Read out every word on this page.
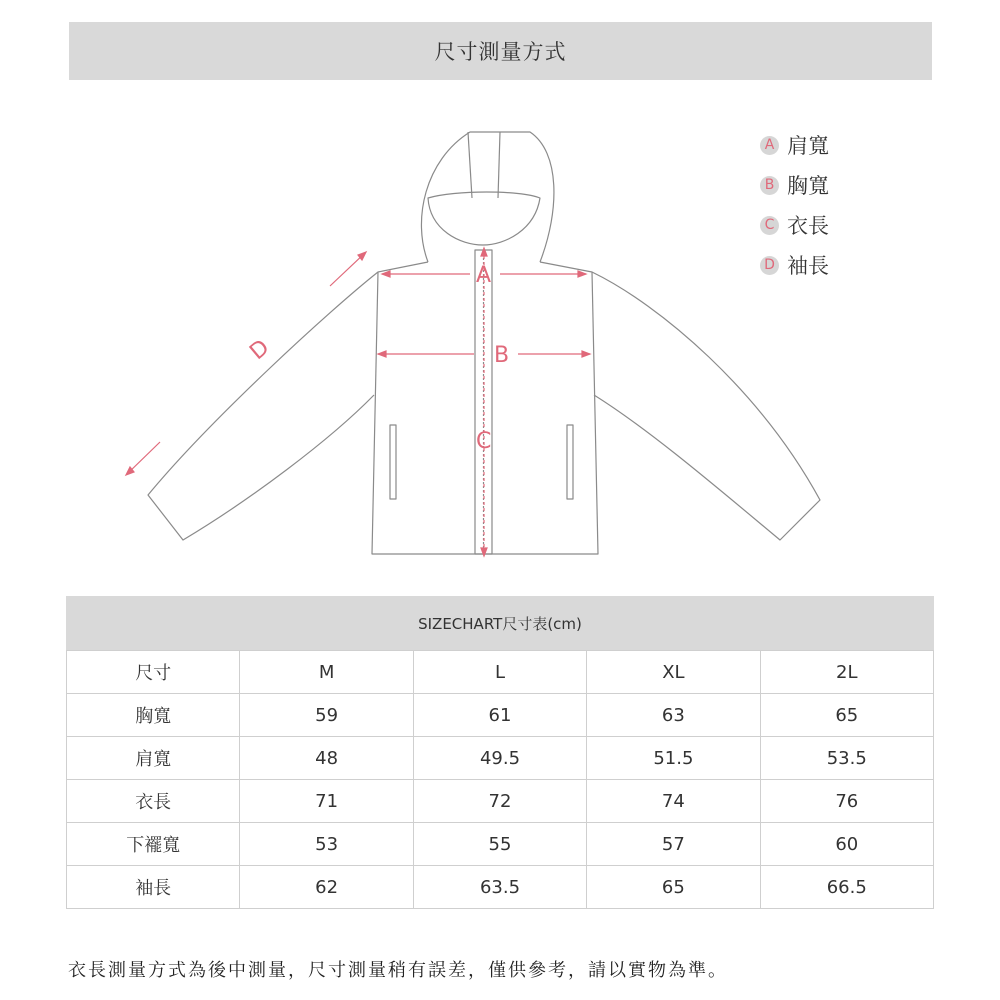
尺寸測量方式
A
B
C
D
A 肩寬
B 胸寬
C 衣長
D 袖長
SIZECHART尺寸表(cm)
尺寸	M	L	XL	2L
胸寬	59	61	63	65
肩寬	48	49.5	51.5	53.5
衣長	71	72	74	76
下襬寬	53	55	57	60
袖長	62	63.5	65	66.5
衣長測量方式為後中測量，尺寸測量稍有誤差，僅供參考，請以實物為準。
